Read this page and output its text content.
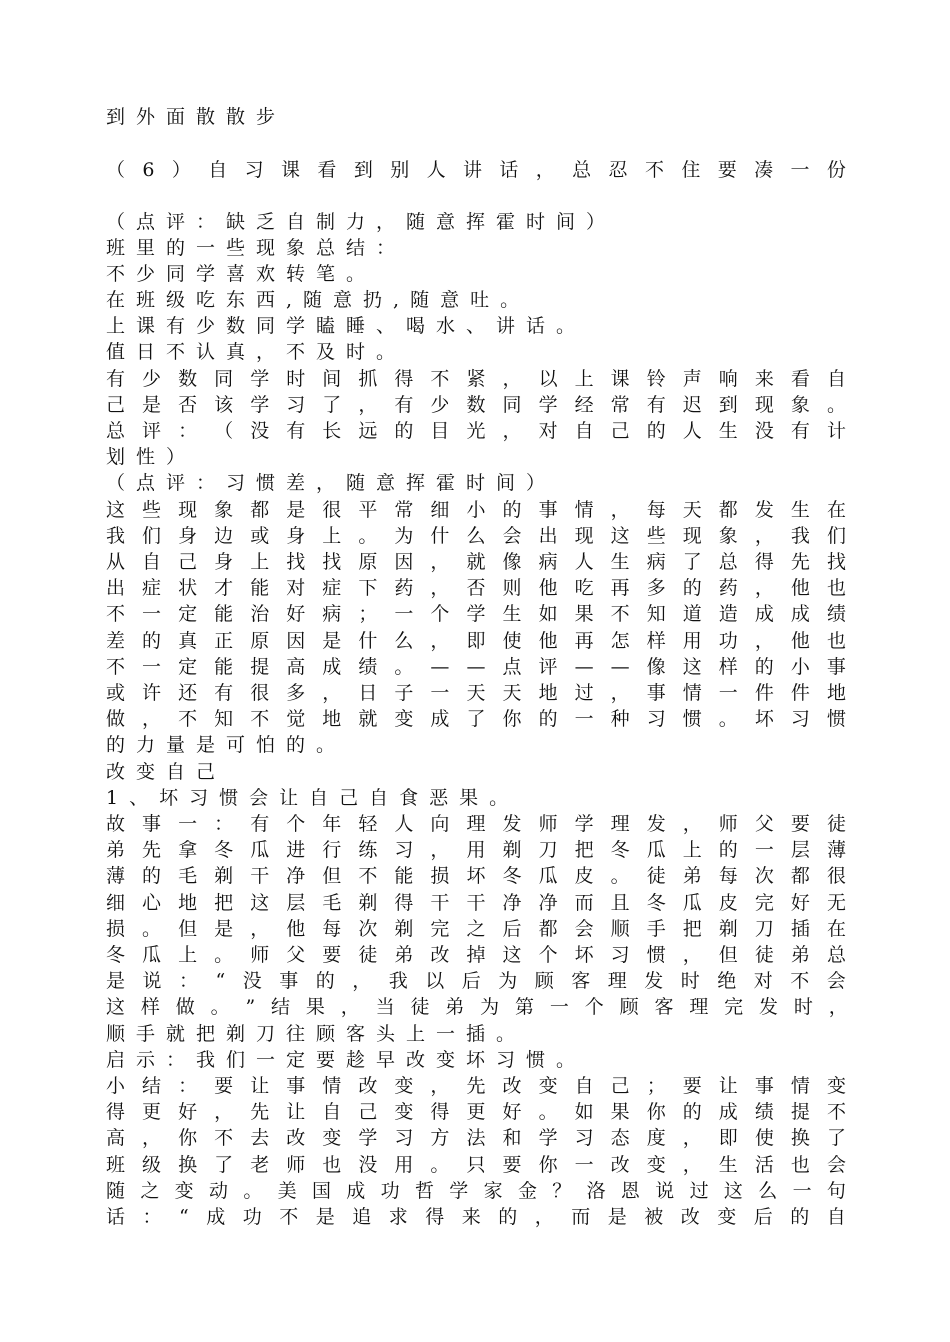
到外面散散步
（ 6 ） 自 习 课 看 到 别 人 讲 话 ， 总 忍 不 住 要 凑 一 份
（点评：缺乏自制力，随意挥霍时间）
班里的一些现象总结：
不少同学喜欢转笔。
在班级吃东西,随意扔,随意吐。
上课有少数同学瞌睡、喝水、讲话。
值日不认真，不及时。
有 少 数 同 学 时 间 抓 得 不 紧 ， 以 上 课 铃 声 响 来 看 自
己 是 否 该 学 习 了 ， 有 少 数 同 学 经 常 有 迟 到 现 象 。
总 评 ： （ 没 有 长 远 的 目 光 ， 对 自 己 的 人 生 没 有 计
划性）
（点评：习惯差，随意挥霍时间）
这 些 现 象 都 是 很 平 常 细 小 的 事 情 ， 每 天 都 发 生 在
我 们 身 边 或 身 上 。 为 什 么 会 出 现 这 些 现 象 ， 我 们
从 自 己 身 上 找 找 原 因 ， 就 像 病 人 生 病 了 总 得 先 找
出 症 状 才 能 对 症 下 药 ， 否 则 他 吃 再 多 的 药 ， 他 也
不 一 定 能 治 好 病 ； 一 个 学 生 如 果 不 知 道 造 成 成 绩
差 的 真 正 原 因 是 什 么 ， 即 使 他 再 怎 样 用 功 ， 他 也
不 一 定 能 提 高 成 绩 。 — — 点 评 — — 像 这 样 的 小 事
或 许 还 有 很 多 ， 日 子 一 天 天 地 过 ， 事 情 一 件 件 地
做 ， 不 知 不 觉 地 就 变 成 了 你 的 一 种 习 惯 。 坏 习 惯
的力量是可怕的。
改变自己
1、坏习惯会让自己自食恶果。
故 事 一 ： 有 个 年 轻 人 向 理 发 师 学 理 发 ， 师 父 要 徒
弟 先 拿 冬 瓜 进 行 练 习 ， 用 剃 刀 把 冬 瓜 上 的 一 层 薄
薄 的 毛 剃 干 净 但 不 能 损 坏 冬 瓜 皮 。 徒 弟 每 次 都 很
细 心 地 把 这 层 毛 剃 得 干 干 净 净 而 且 冬 瓜 皮 完 好 无
损 。 但 是 ， 他 每 次 剃 完 之 后 都 会 顺 手 把 剃 刀 插 在
冬 瓜 上 。 师 父 要 徒 弟 改 掉 这 个 坏 习 惯 ， 但 徒 弟 总
是 说 ： “ 没 事 的 ， 我 以 后 为 顾 客 理 发 时 绝 对 不 会
这 样 做 。 ” 结 果 ， 当 徒 弟 为 第 一 个 顾 客 理 完 发 时 ，
顺手就把剃刀往顾客头上一插。
启示：我们一定要趁早改变坏习惯。
小 结 ： 要 让 事 情 改 变 ， 先 改 变 自 己 ； 要 让 事 情 变
得 更 好 ， 先 让 自 己 变 得 更 好 。 如 果 你 的 成 绩 提 不
高 ， 你 不 去 改 变 学 习 方 法 和 学 习 态 度 ， 即 使 换 了
班 级 换 了 老 师 也 没 用 。 只 要 你 一 改 变 ， 生 活 也 会
随 之 变 动 。 美 国 成 功 哲 学 家 金 ？ 洛 恩 说 过 这 么 一 句
话 ： “ 成 功 不 是 追 求 得 来 的 ， 而 是 被 改 变 后 的 自
